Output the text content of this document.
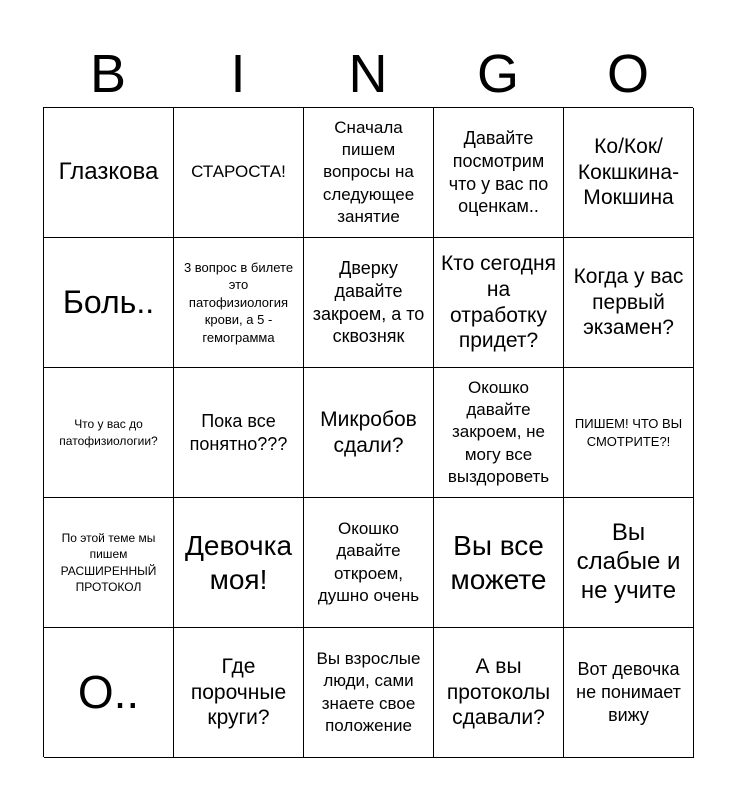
B	I	N	G	O
Глазкова	СТАРОСТА!
Сначала пишем вопросы на следующее занятие
Давайте посмотрим что у вас по оценкам..
Ко/Кок/Кокшкина-Мокшина
Боль..
3 вопрос в билете это патофизиология крови, а 5 - гемограмма
Дверку давайте закроем, а то сквозняк
Кто сегодня на отработку придет?
Когда у вас первый экзамен?
Что у вас до патофизиологии?
Пока все понятно???
Микробов сдали?
Окошко давайте закроем, не могу все выздороветь
ПИШЕМ! ЧТО ВЫ СМОТРИТЕ?!
По этой теме мы пишем РАСШИРЕННЫЙ ПРОТОКОЛ
Девочка моя!
Окошко давайте откроем, душно очень
Вы все можете
Вы слабые и не учите
О..	Где порочные круги?
Вы взрослые люди, сами знаете свое положение
А вы протоколы сдавали?
Вот девочка не понимает вижу
